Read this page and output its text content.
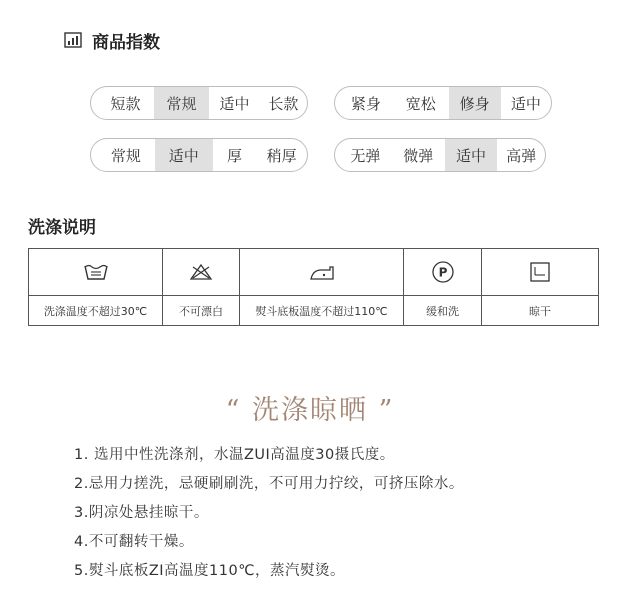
商品指数
短款	常规	适中	长款	紧身	宽松	修身	适中
常规	适中	厚	稍厚	无弹	微弹	适中	高弹
洗涤说明

P

洗涤温度不超过30℃	不可漂白	熨斗底板温度不超过110℃	缓和洗	晾干
“ 洗涤晾晒 ”
1. 选用中性洗涤剂，水温ZUI高温度30摄氏度。
2.忌用力搓洗，忌硬刷刷洗，不可用力拧绞，可挤压除水。
3.阴凉处悬挂晾干。
4.不可翻转干燥。
5.熨斗底板ZI高温度110℃，蒸汽熨烫。
